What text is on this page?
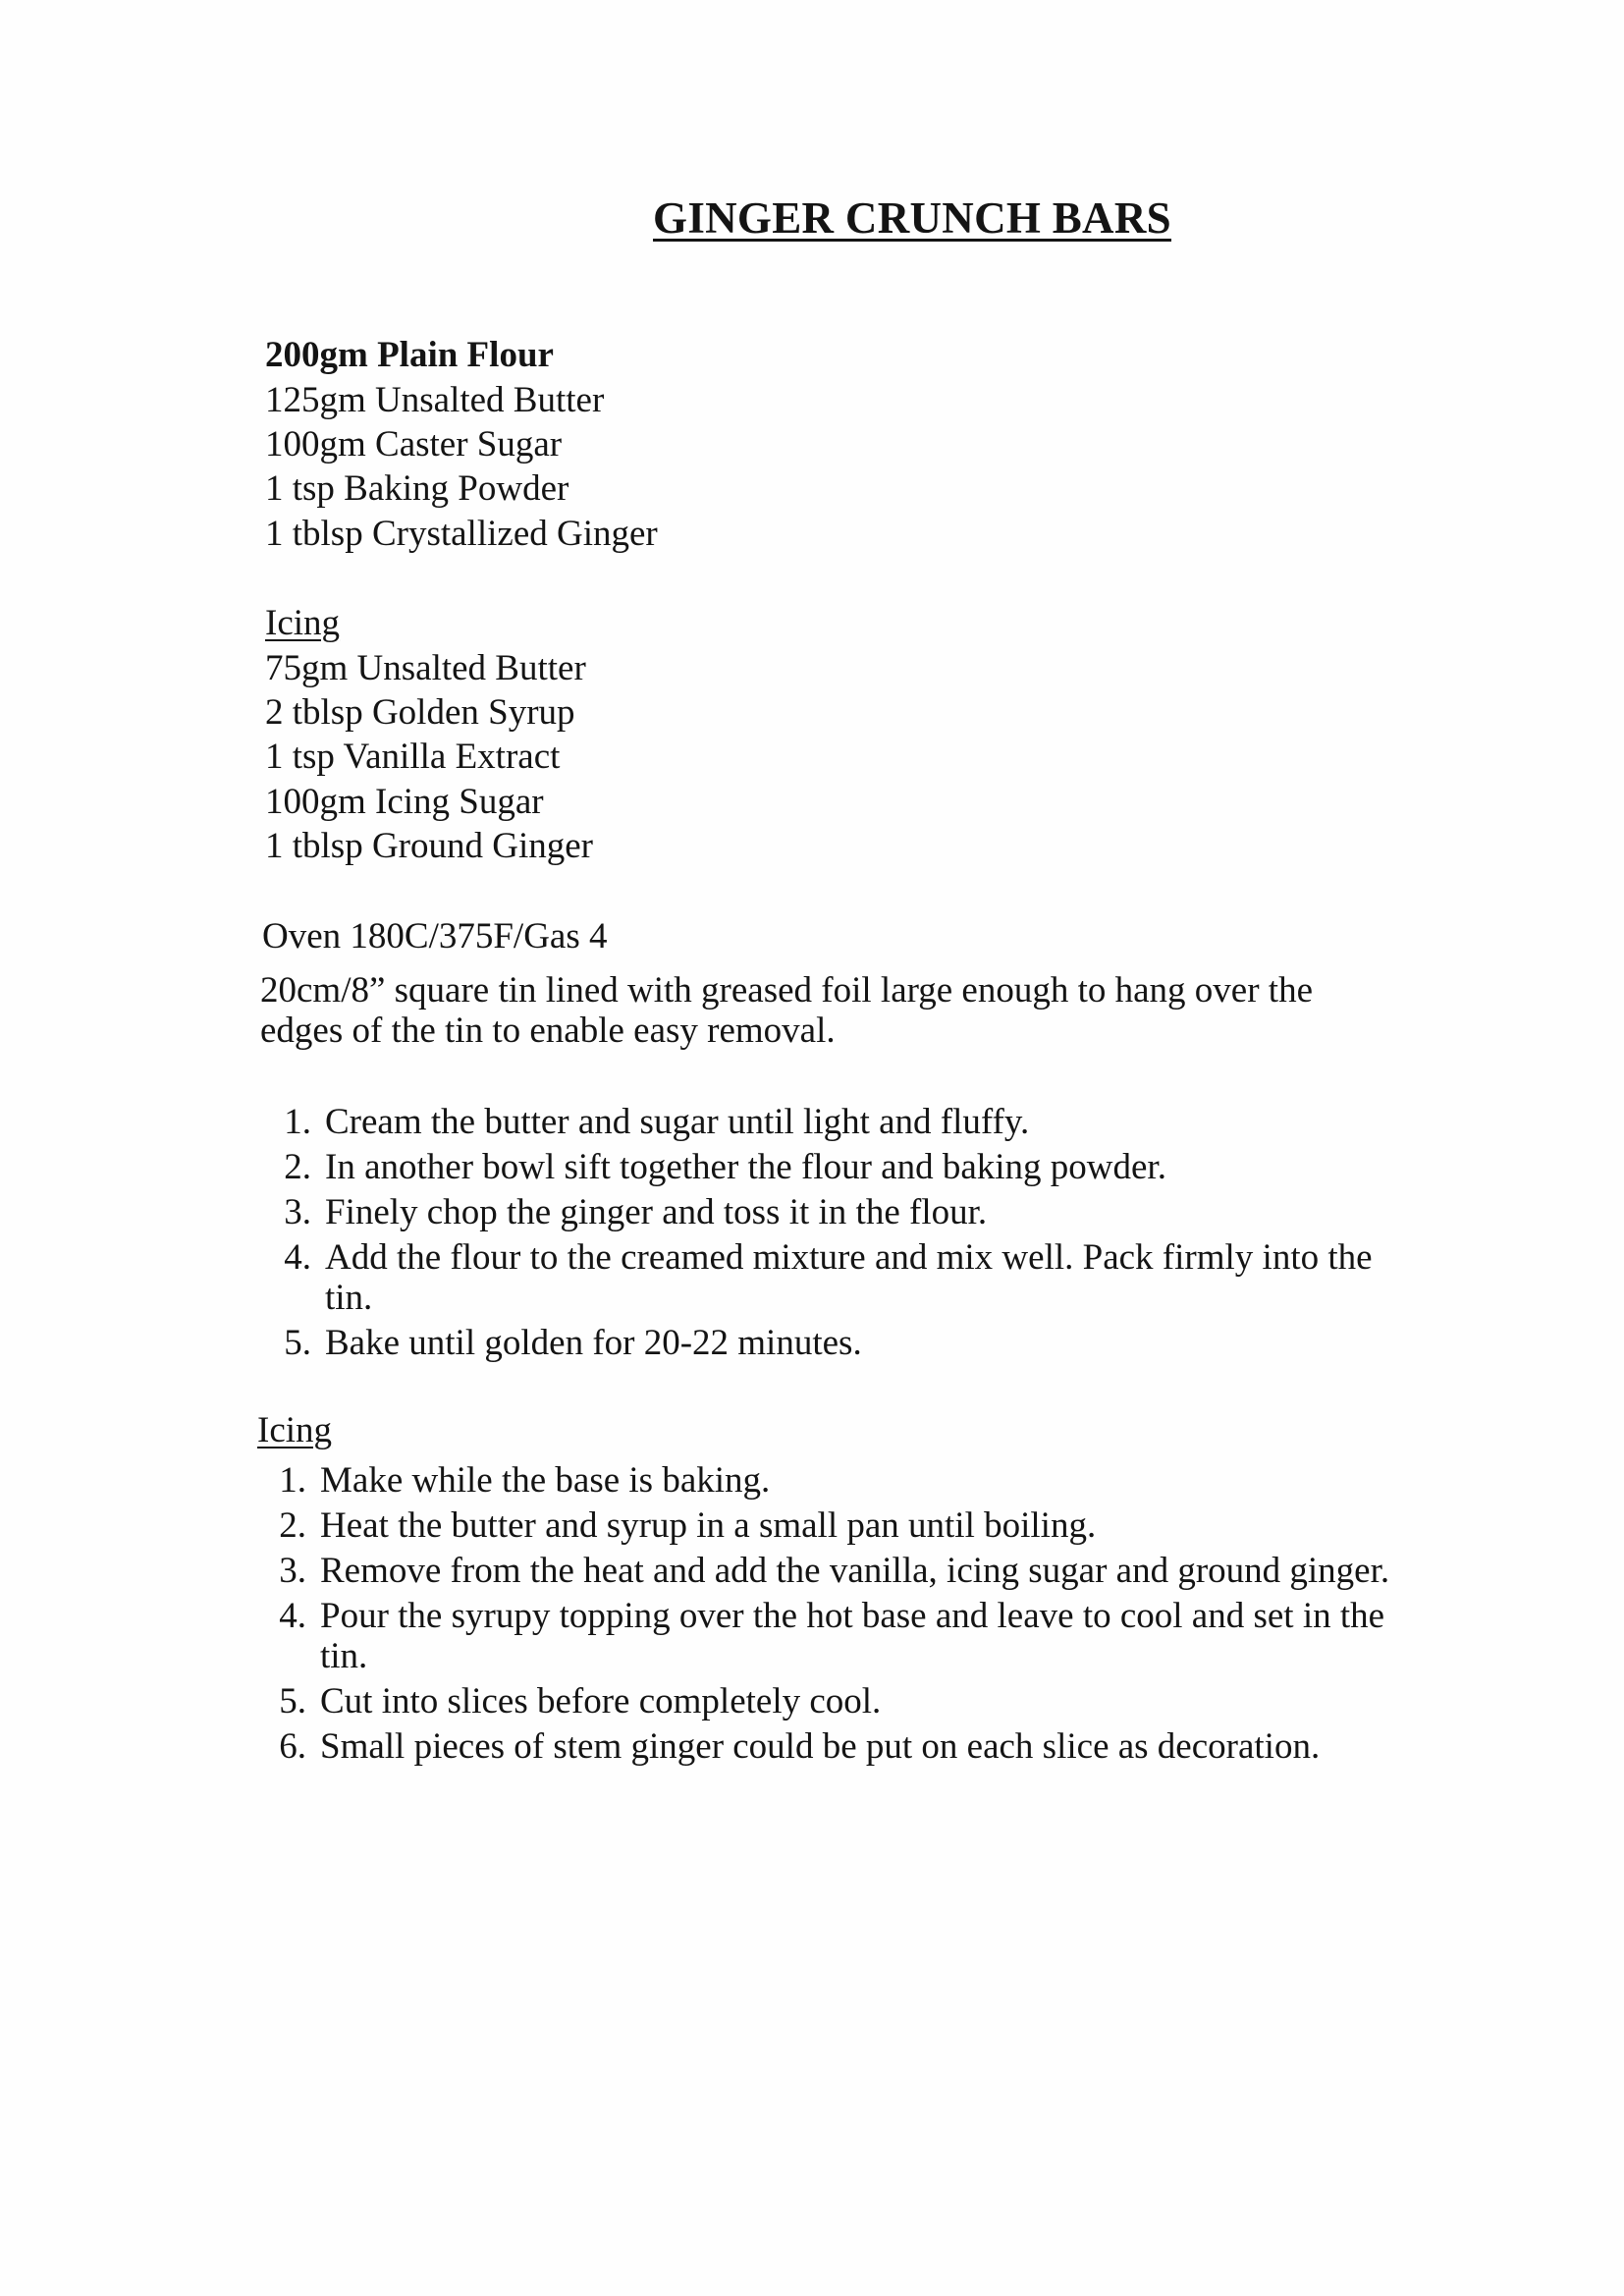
GINGER CRUNCH BARS
200gm Plain Flour
125gm Unsalted Butter
100gm Caster Sugar
1 tsp Baking Powder
1 tblsp Crystallized Ginger
Icing
75gm Unsalted Butter
2 tblsp Golden Syrup
1 tsp Vanilla Extract
100gm Icing Sugar
1 tblsp Ground Ginger
Oven 180C/375F/Gas 4
20cm/8” square tin lined with greased foil large enough to hang over the edges of the tin to enable easy removal.
1. Cream the butter and sugar until light and fluffy.
2. In another bowl sift together the flour and baking powder.
3. Finely chop the ginger and toss it in the flour.
4. Add the flour to the creamed mixture and mix well. Pack firmly into the tin.
5. Bake until golden for 20-22 minutes.
Icing
1. Make while the base is baking.
2. Heat the butter and syrup in a small pan until boiling.
3. Remove from the heat and add the vanilla, icing sugar and ground ginger.
4. Pour the syrupy topping over the hot base and leave to cool and set in the tin.
5. Cut into slices before completely cool.
6. Small pieces of stem ginger could be put on each slice as decoration.
